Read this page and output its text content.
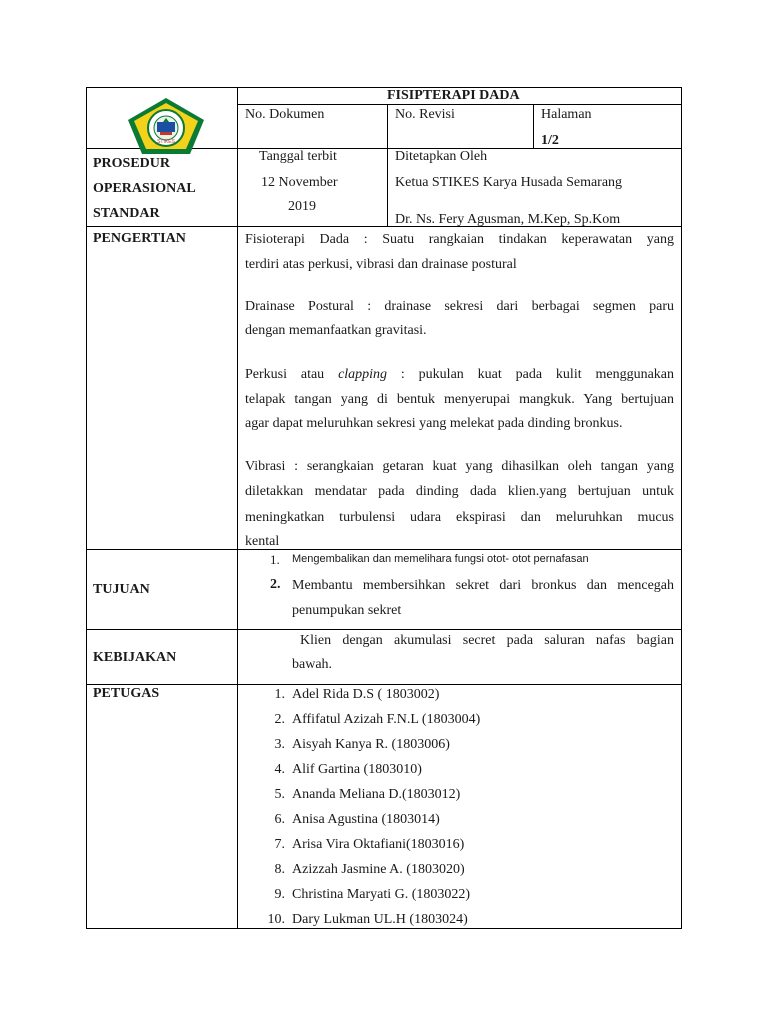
STIKES
FISIPTERAPI DADA
No. Dokumen	No. Revisi	Halaman
1/2
PROSEDUR
OPERASIONAL
STANDAR
Tanggal terbit
12 November
2019
Ditetapkan Oleh
Ketua STIKES Karya Husada Semarang
Dr. Ns. Fery Agusman, M.Kep, Sp.Kom
PENGERTIAN
TUJUAN
KEBIJAKAN
PETUGAS
Fisioterapi Dada : Suatu rangkaian tindakan keperawatan yang
terdiri atas perkusi, vibrasi dan drainase postural
Drainase Postural : drainase sekresi dari berbagai segmen paru
dengan memanfaatkan gravitasi.
Perkusi atau clapping : pukulan kuat pada kulit menggunakan
telapak tangan yang di bentuk menyerupai mangkuk. Yang bertujuan
agar dapat meluruhkan sekresi yang melekat pada dinding bronkus.
Vibrasi : serangkaian getaran kuat yang dihasilkan oleh tangan yang
diletakkan mendatar pada dinding dada klien.yang bertujuan untuk
meningkatkan turbulensi udara ekspirasi dan meluruhkan mucus
kental
1. Mengembalikan dan memelihara fungsi otot- otot pernafasan
2. Membantu membersihkan sekret dari bronkus dan mencegah
penumpukan sekret
Klien dengan akumulasi secret pada saluran nafas bagian
bawah.
1. Adel Rida D.S ( 1803002)
2. Affifatul Azizah F.N.L (1803004)
3. Aisyah Kanya R. (1803006)
4. Alif Gartina (1803010)
5. Ananda Meliana D.(1803012)
6. Anisa Agustina (1803014)
7. Arisa Vira Oktafiani(1803016)
8. Azizzah Jasmine A. (1803020)
9. Christina Maryati G. (1803022)
10. Dary Lukman UL.H (1803024)
